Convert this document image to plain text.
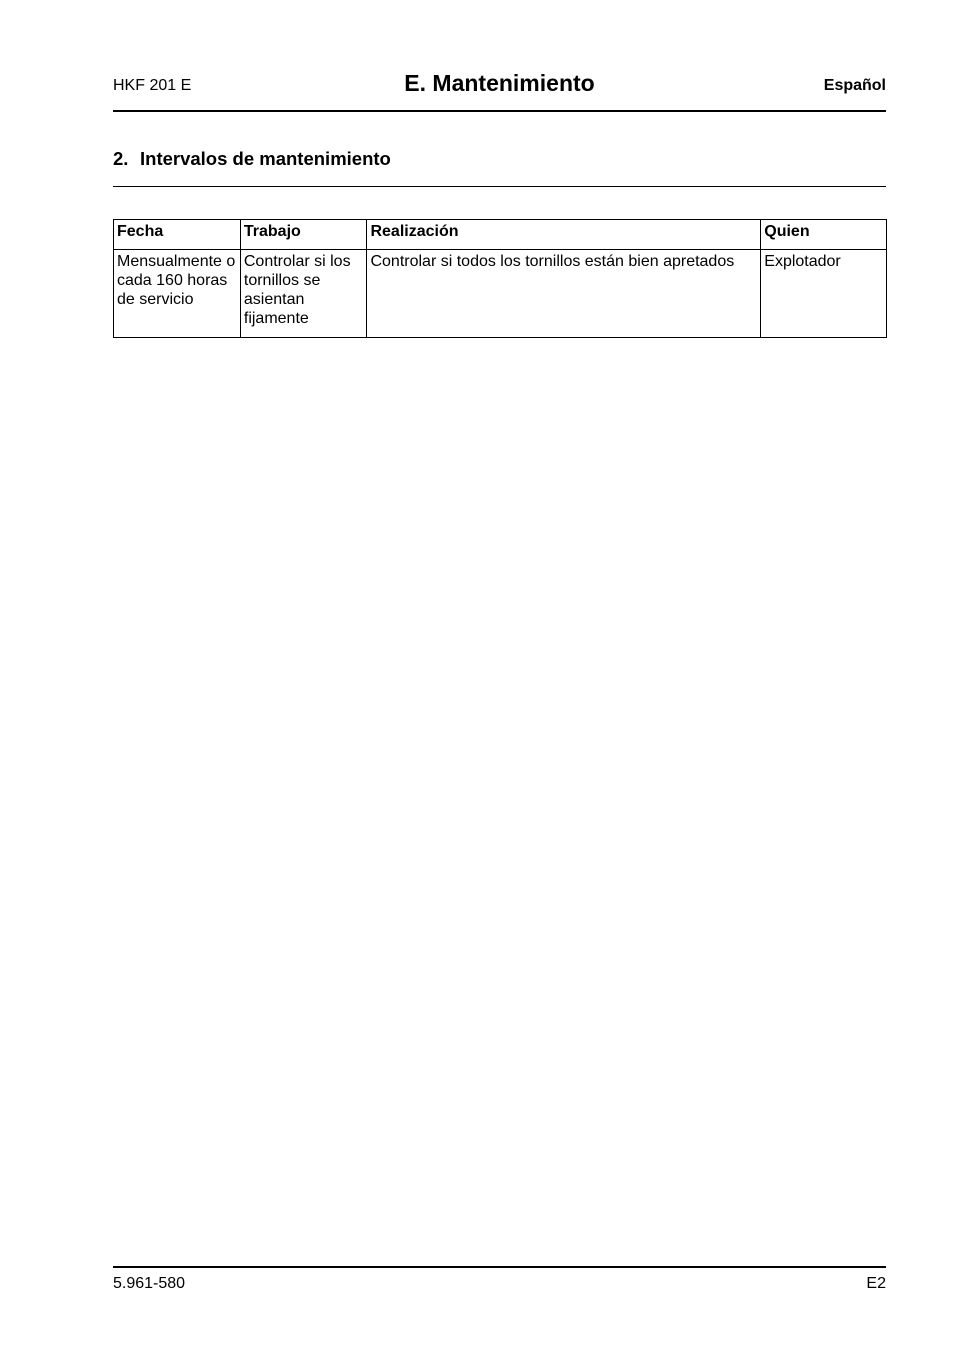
HKF 201 E	E. Mantenimiento	Español
2. Intervalos de mantenimiento
Fecha	Trabajo	Realización	Quien
Mensualmente o cada 160 horas de servicio	Controlar si los tornillos se asientan fijamente	Controlar si todos los tornillos están bien apretados	Explotador
5.961-580	E2
